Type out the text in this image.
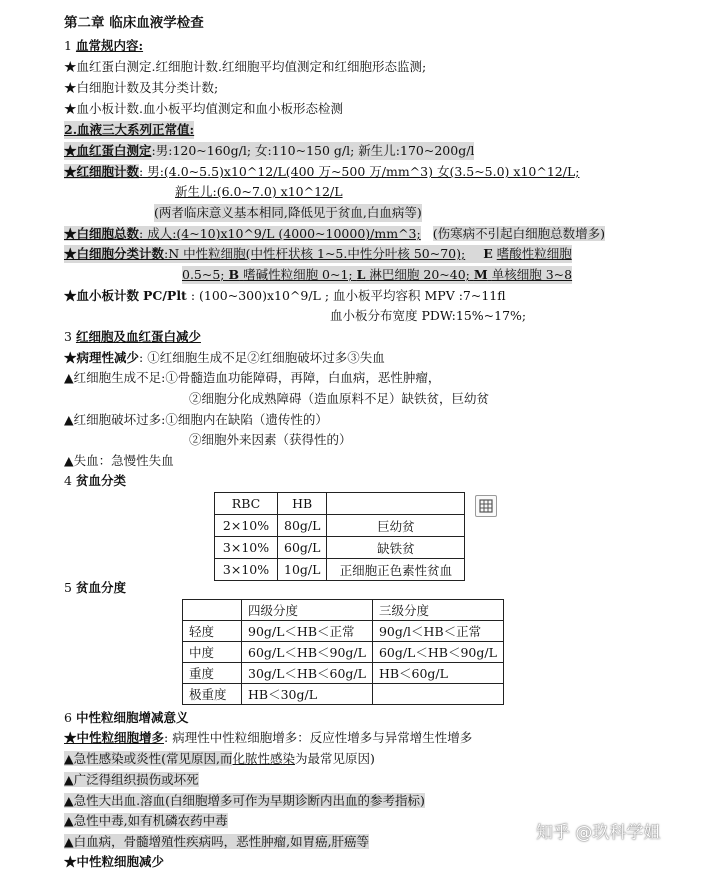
第二章 临床血液学检查
1 血常规内容:
★血红蛋白测定.红细胞计数.红细胞平均值测定和红细胞形态监测;
★白细胞计数及其分类计数;
★血小板计数.血小板平均值测定和血小板形态检测
2.血液三大系列正常值:
★血红蛋白测定:男:120~160g/l; 女:110~150 g/l; 新生儿:170~200g/l
★红细胞计数: 男:(4.0~5.5)x10^12/L(400 万~500 万/mm^3) 女(3.5~5.0) x10^12/L;
新生儿:(6.0~7.0) x10^12/L
(两者临床意义基本相同,降低见于贫血,白血病等)
★白细胞总数: 成人:(4~10)x10^9/L (4000~10000)/mm^3; (伤寒病不引起白细胞总数增多)
★白细胞分类计数:N 中性粒细胞(中性杆状核 1~5.中性分叶核 50~70); E 嗜酸性粒细胞
0.5~5; B 嗜碱性粒细胞 0~1; L 淋巴细胞 20~40; M 单核细胞 3~8
★血小板计数 PC/Plt : (100~300)x10^9/L ; 血小板平均容积 MPV :7~11fl
血小板分布宽度 PDW:15%~17%;
3 红细胞及血红蛋白减少
★病理性减少: ①红细胞生成不足②红细胞破坏过多③失血
▲红细胞生成不足:①骨髓造血功能障碍，再障，白血病，恶性肿瘤，
②细胞分化成熟障碍（造血原料不足）缺铁贫，巨幼贫
▲红细胞破坏过多:①细胞内在缺陷（遗传性的）
②细胞外来因素（获得性的）
▲失血：急慢性失血
4 贫血分类
RBC	HB	
2×10%	80g/L	巨幼贫
3×10%	60g/L	缺铁贫
3×10%	10g/L	正细胞正色素性贫血
5 贫血分度
	四级分度	三级分度
轻度	90g/L＜HB＜正常	90g/l＜HB＜正常
中度	60g/L＜HB＜90g/L	60g/L＜HB＜90g/L
重度	30g/L＜HB＜60g/L	HB＜60g/L
极重度	HB＜30g/L	
6 中性粒细胞增减意义
★中性粒细胞增多: 病理性中性粒细胞增多：反应性增多与异常增生性增多
▲急性感染或炎性(常见原因,而化脓性感染为最常见原因)
▲广泛得组织损伤或坏死
▲急性大出血.溶血(白细胞增多可作为早期诊断内出血的参考指标)
▲急性中毒,如有机磷农药中毒
▲白血病，骨髓增殖性疾病吗，恶性肿瘤,如胃癌,肝癌等
★中性粒细胞减少
知乎 @玖科学姐
